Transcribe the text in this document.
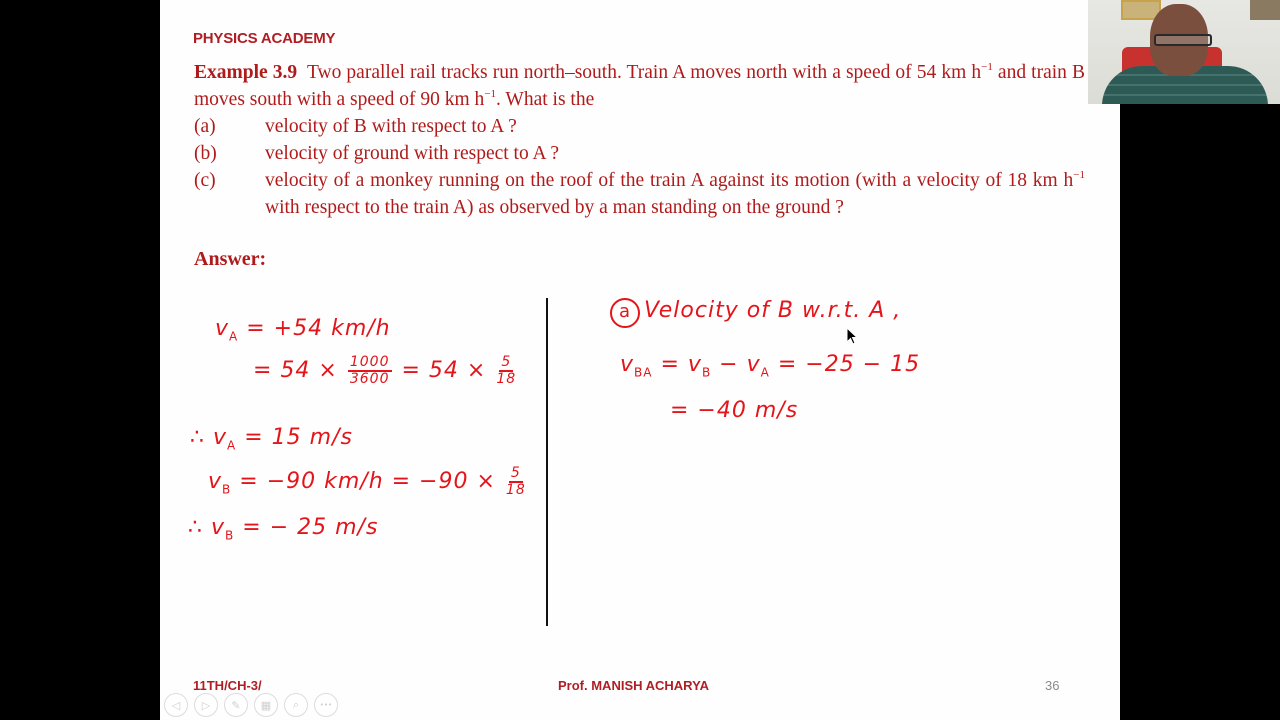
PHYSICS ACADEMY

Example 3.9 Two parallel rail tracks run north–south. Train A moves north with a speed of 54 km $h^{-1}$ and train B moves south with a speed of 90 km $h^{-1}$. What is the

(a)	velocity of B with respect to A ?
(b)	velocity of ground with respect to A ?
(c)	velocity of a monkey running on the roof of the train A against its motion (with a velocity of 18 km $h^{-1}$ with respect to the train A) as observed by a man standing on the ground ?
Answer:
$v_A = +54$ km/h
= $54 \times \frac{1000}{3600} = 54 \times \frac{5}{18}$
∴ $v_A = 15$ m/s
$v_B = -90$ $km/h = -90 \times \frac{5}{18}$
∴ $v_B$ = − 25 m/s
a Velocity of B w.r.t. A ,
$v_{BA} = v_B - v_A = -25 - 15$
= −40 m/s
11TH/CH-3/	Prof. MANISH ACHARYA	36
◁ ▷ ✎ ▦ ⌕	•••
